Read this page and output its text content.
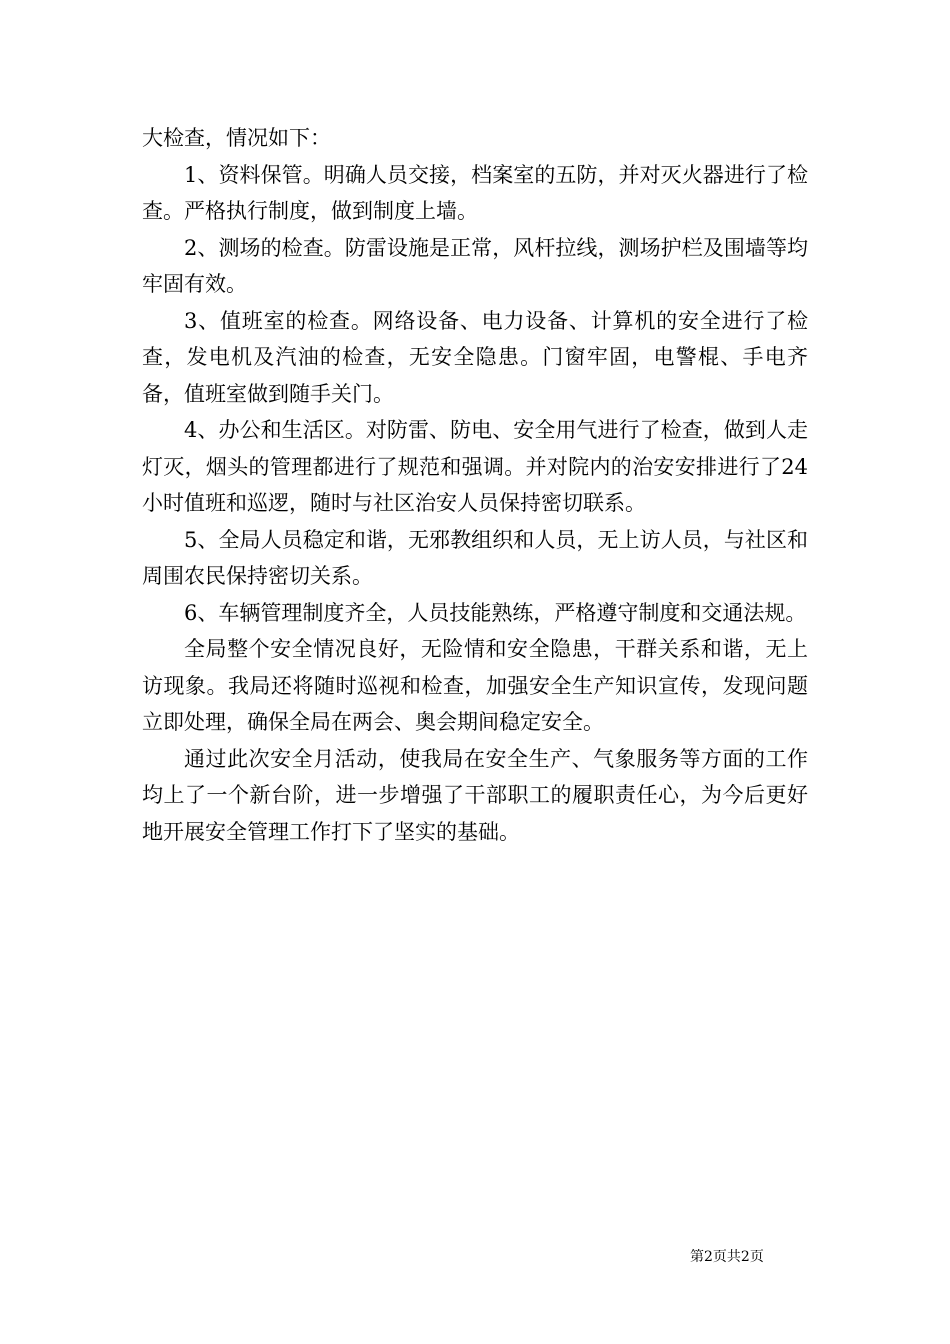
大检查，情况如下：

1、资料保管。明确人员交接，档案室的五防，并对灭火器进行了检查。严格执行制度，做到制度上墙。

2、测场的检查。防雷设施是正常，风杆拉线，测场护栏及围墙等均牢固有效。

3、值班室的检查。网络设备、电力设备、计算机的安全进行了检查，发电机及汽油的检查，无安全隐患。门窗牢固，电警棍、手电齐备，值班室做到随手关门。

4、办公和生活区。对防雷、防电、安全用气进行了检查，做到人走灯灭，烟头的管理都进行了规范和强调。并对院内的治安安排进行了24小时值班和巡逻，随时与社区治安人员保持密切联系。

5、全局人员稳定和谐，无邪教组织和人员，无上访人员，与社区和周围农民保持密切关系。

6、车辆管理制度齐全，人员技能熟练，严格遵守制度和交通法规。

全局整个安全情况良好，无险情和安全隐患，干群关系和谐，无上访现象。我局还将随时巡视和检查，加强安全生产知识宣传，发现问题立即处理，确保全局在两会、奥会期间稳定安全。

通过此次安全月活动，使我局在安全生产、气象服务等方面的工作均上了一个新台阶，进一步增强了干部职工的履职责任心，为今后更好地开展安全管理工作打下了坚实的基础。

第2页共2页
